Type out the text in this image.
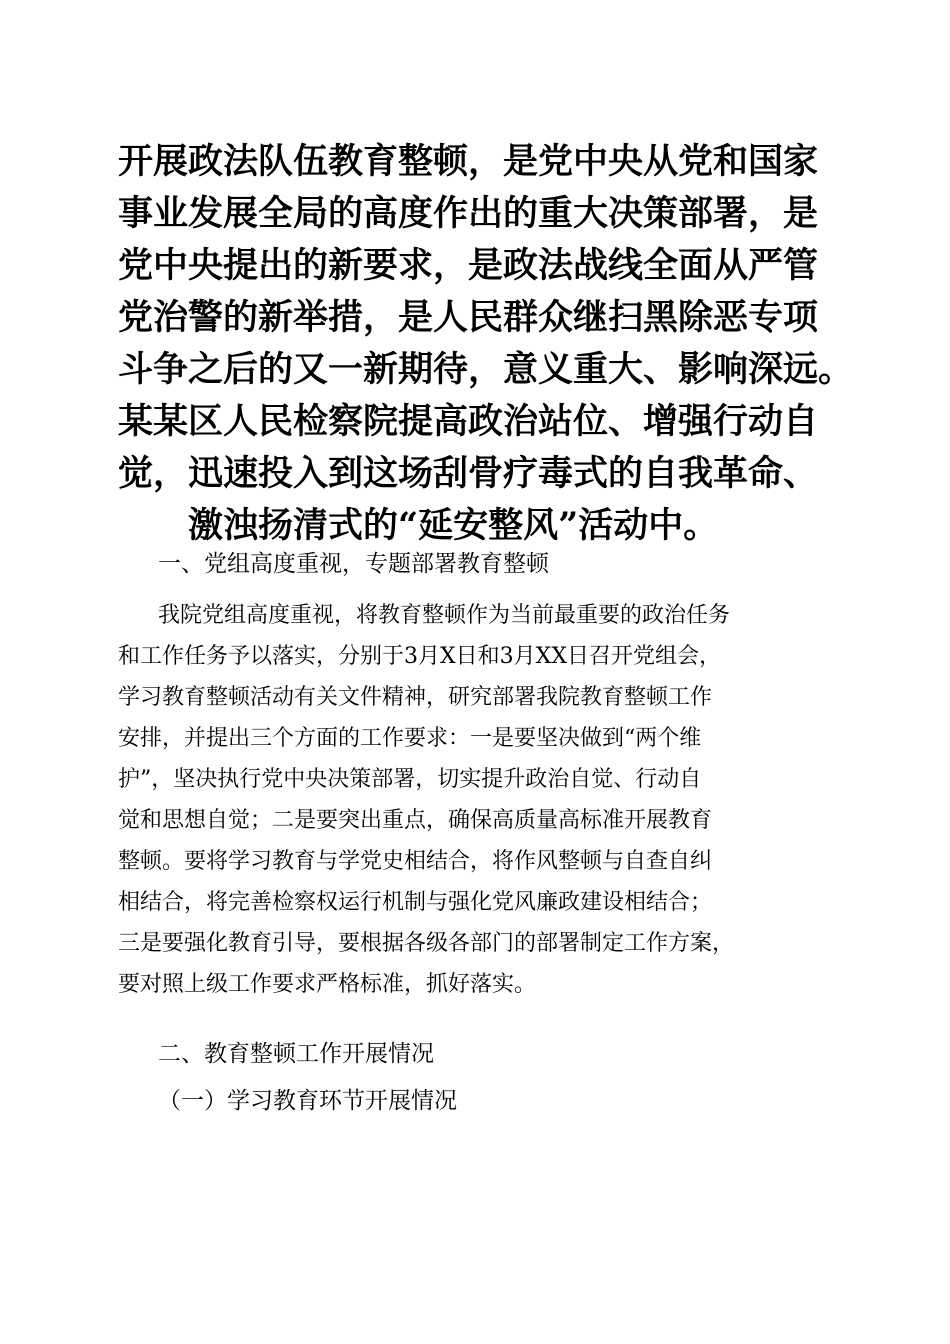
开展政法队伍教育整顿，是党中央从党和国家
事业发展全局的高度作出的重大决策部署，是
党中央提出的新要求，是政法战线全面从严管
党治警的新举措，是人民群众继扫黑除恶专项
斗争之后的又一新期待，意义重大、影响深远。
某某区人民检察院提高政治站位、增强行动自
觉，迅速投入到这场刮骨疗毒式的自我革命、
激浊扬清式的“延安整风”活动中。
一、党组高度重视，专题部署教育整顿
我院党组高度重视，将教育整顿作为当前最重要的政治任务
和工作任务予以落实，分别于3月X日和3月XX日召开党组会，
学习教育整顿活动有关文件精神，研究部署我院教育整顿工作
安排，并提出三个方面的工作要求：一是要坚决做到“两个维
护”，坚决执行党中央决策部署，切实提升政治自觉、行动自
觉和思想自觉；二是要突出重点，确保高质量高标准开展教育
整顿。要将学习教育与学党史相结合，将作风整顿与自查自纠
相结合，将完善检察权运行机制与强化党风廉政建设相结合；
三是要强化教育引导，要根据各级各部门的部署制定工作方案，
要对照上级工作要求严格标准，抓好落实。
二、教育整顿工作开展情况
（一）学习教育环节开展情况
